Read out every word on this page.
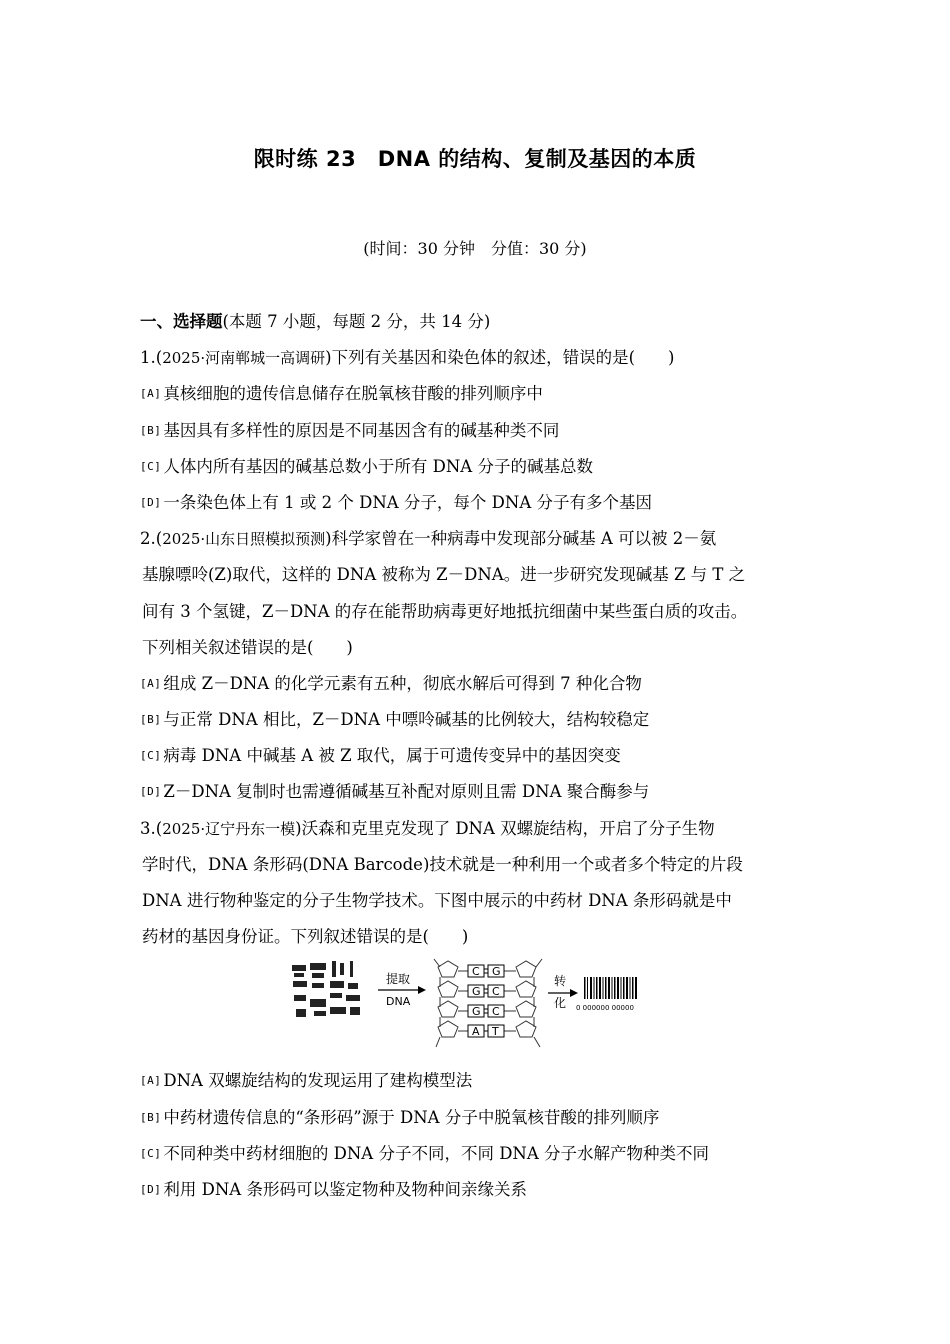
限时练 23　DNA 的结构、复制及基因的本质
(时间：30 分钟　分值：30 分)
一、选择题(本题 7 小题，每题 2 分，共 14 分)
1.(2025·河南郸城一高调研)下列有关基因和染色体的叙述，错误的是(　　)
[A] 真核细胞的遗传信息储存在脱氧核苷酸的排列顺序中
[B] 基因具有多样性的原因是不同基因含有的碱基种类不同
[C] 人体内所有基因的碱基总数小于所有 DNA 分子的碱基总数
[D] 一条染色体上有 1 或 2 个 DNA 分子，每个 DNA 分子有多个基因
2.(2025·山东日照模拟预测)科学家曾在一种病毒中发现部分碱基 A 可以被 2－氨
基腺嘌呤(Z)取代，这样的 DNA 被称为 Z－DNA。进一步研究发现碱基 Z 与 T 之
间有 3 个氢键，Z－DNA 的存在能帮助病毒更好地抵抗细菌中某些蛋白质的攻击。
下列相关叙述错误的是(　　)
[A] 组成 Z－DNA 的化学元素有五种，彻底水解后可得到 7 种化合物
[B] 与正常 DNA 相比，Z－DNA 中嘌呤碱基的比例较大，结构较稳定
[C] 病毒 DNA 中碱基 A 被 Z 取代，属于可遗传变异中的基因突变
[D] Z－DNA 复制时也需遵循碱基互补配对原则且需 DNA 聚合酶参与
3.(2025·辽宁丹东一模)沃森和克里克发现了 DNA 双螺旋结构，开启了分子生物
学时代，DNA 条形码(DNA Barcode)技术就是一种利用一个或者多个特定的片段
DNA 进行物种鉴定的分子生物学技术。下图中展示的中药材 DNA 条形码就是中
药材的基因身份证。下列叙述错误的是(　　)
提取
DNA
C G
G C
G C
A T
转
化 0 000000 00000
[A] DNA 双螺旋结构的发现运用了建构模型法
[B] 中药材遗传信息的“条形码”源于 DNA 分子中脱氧核苷酸的排列顺序
[C] 不同种类中药材细胞的 DNA 分子不同，不同 DNA 分子水解产物种类不同
[D] 利用 DNA 条形码可以鉴定物种及物种间亲缘关系
